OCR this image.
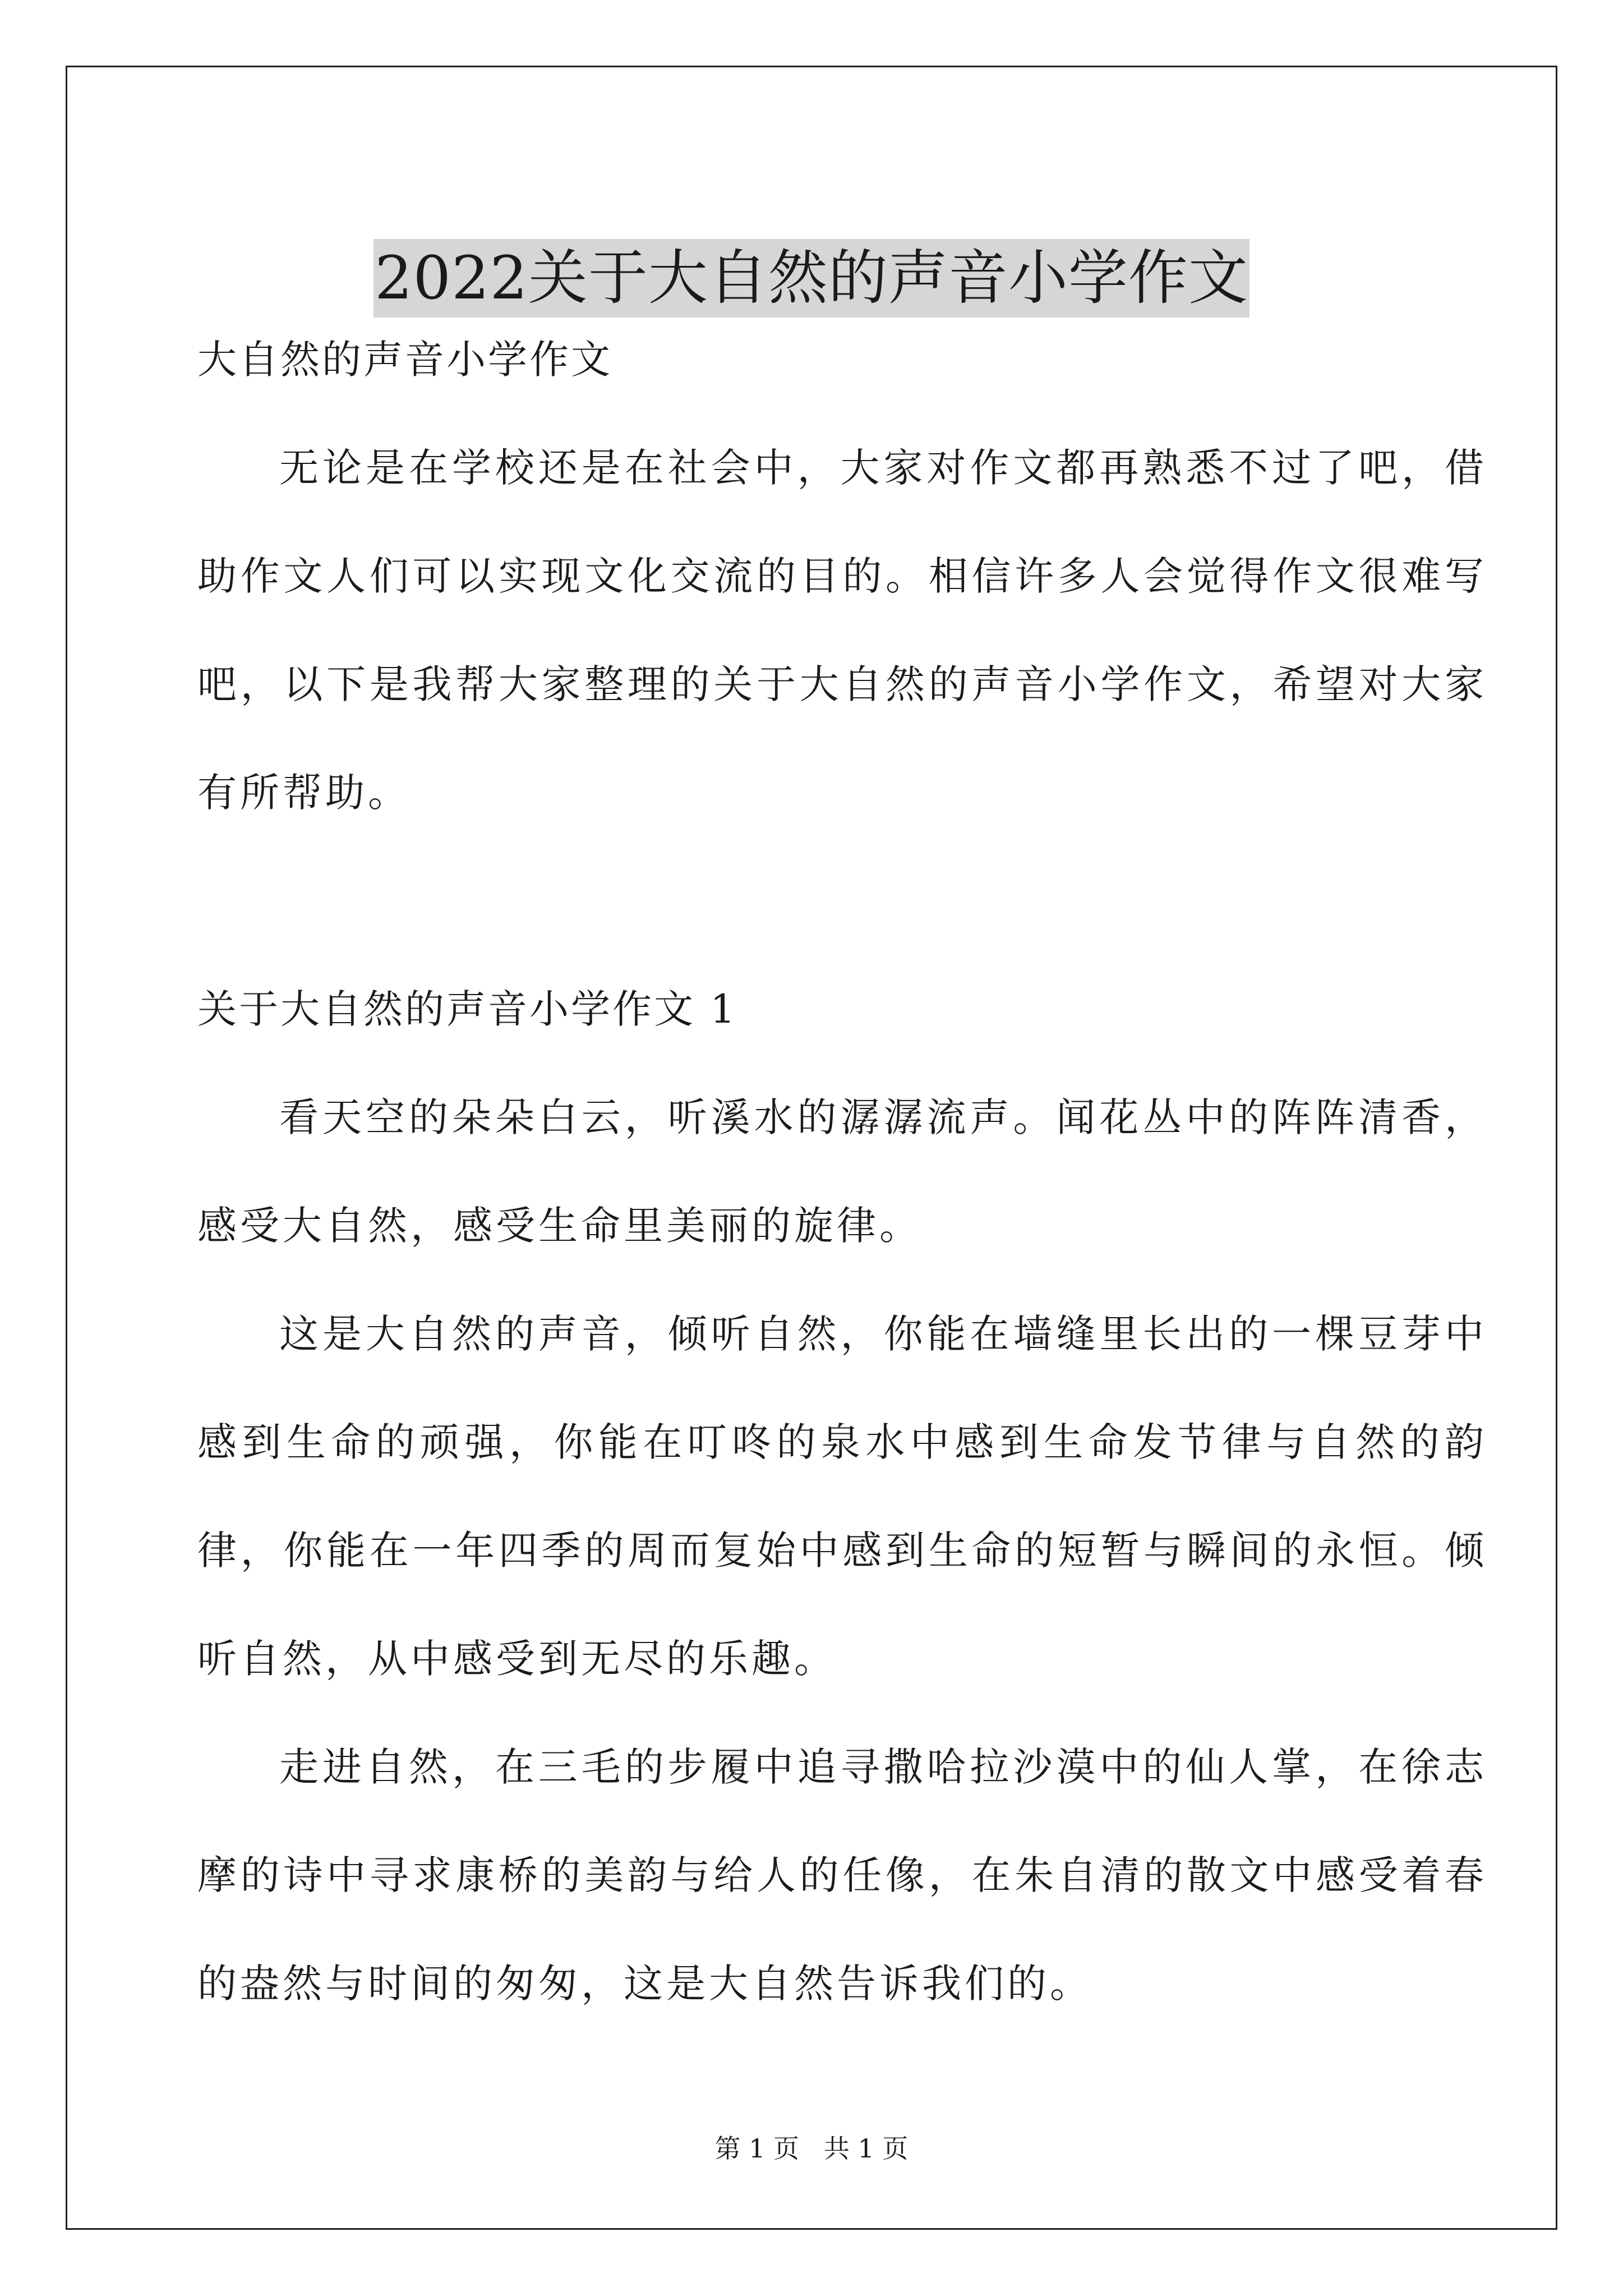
2022关于大自然的声音小学作文

大自然的声音小学作文

无论是在学校还是在社会中，大家对作文都再熟悉不过了吧，借助作文人们可以实现文化交流的目的。相信许多人会觉得作文很难写吧，以下是我帮大家整理的关于大自然的声音小学作文，希望对大家有所帮助。

关于大自然的声音小学作文 1

看天空的朵朵白云，听溪水的潺潺流声。闻花丛中的阵阵清香，感受大自然，感受生命里美丽的旋律。

这是大自然的声音，倾听自然，你能在墙缝里长出的一棵豆芽中感到生命的顽强，你能在叮咚的泉水中感到生命发节律与自然的韵律，你能在一年四季的周而复始中感到生命的短暂与瞬间的永恒。倾听自然，从中感受到无尽的乐趣。

走进自然，在三毛的步履中追寻撒哈拉沙漠中的仙人掌，在徐志摩的诗中寻求康桥的美韵与给人的任像，在朱自清的散文中感受着春的盎然与时间的匆匆，这是大自然告诉我们的。

第 1 页   共 1 页
